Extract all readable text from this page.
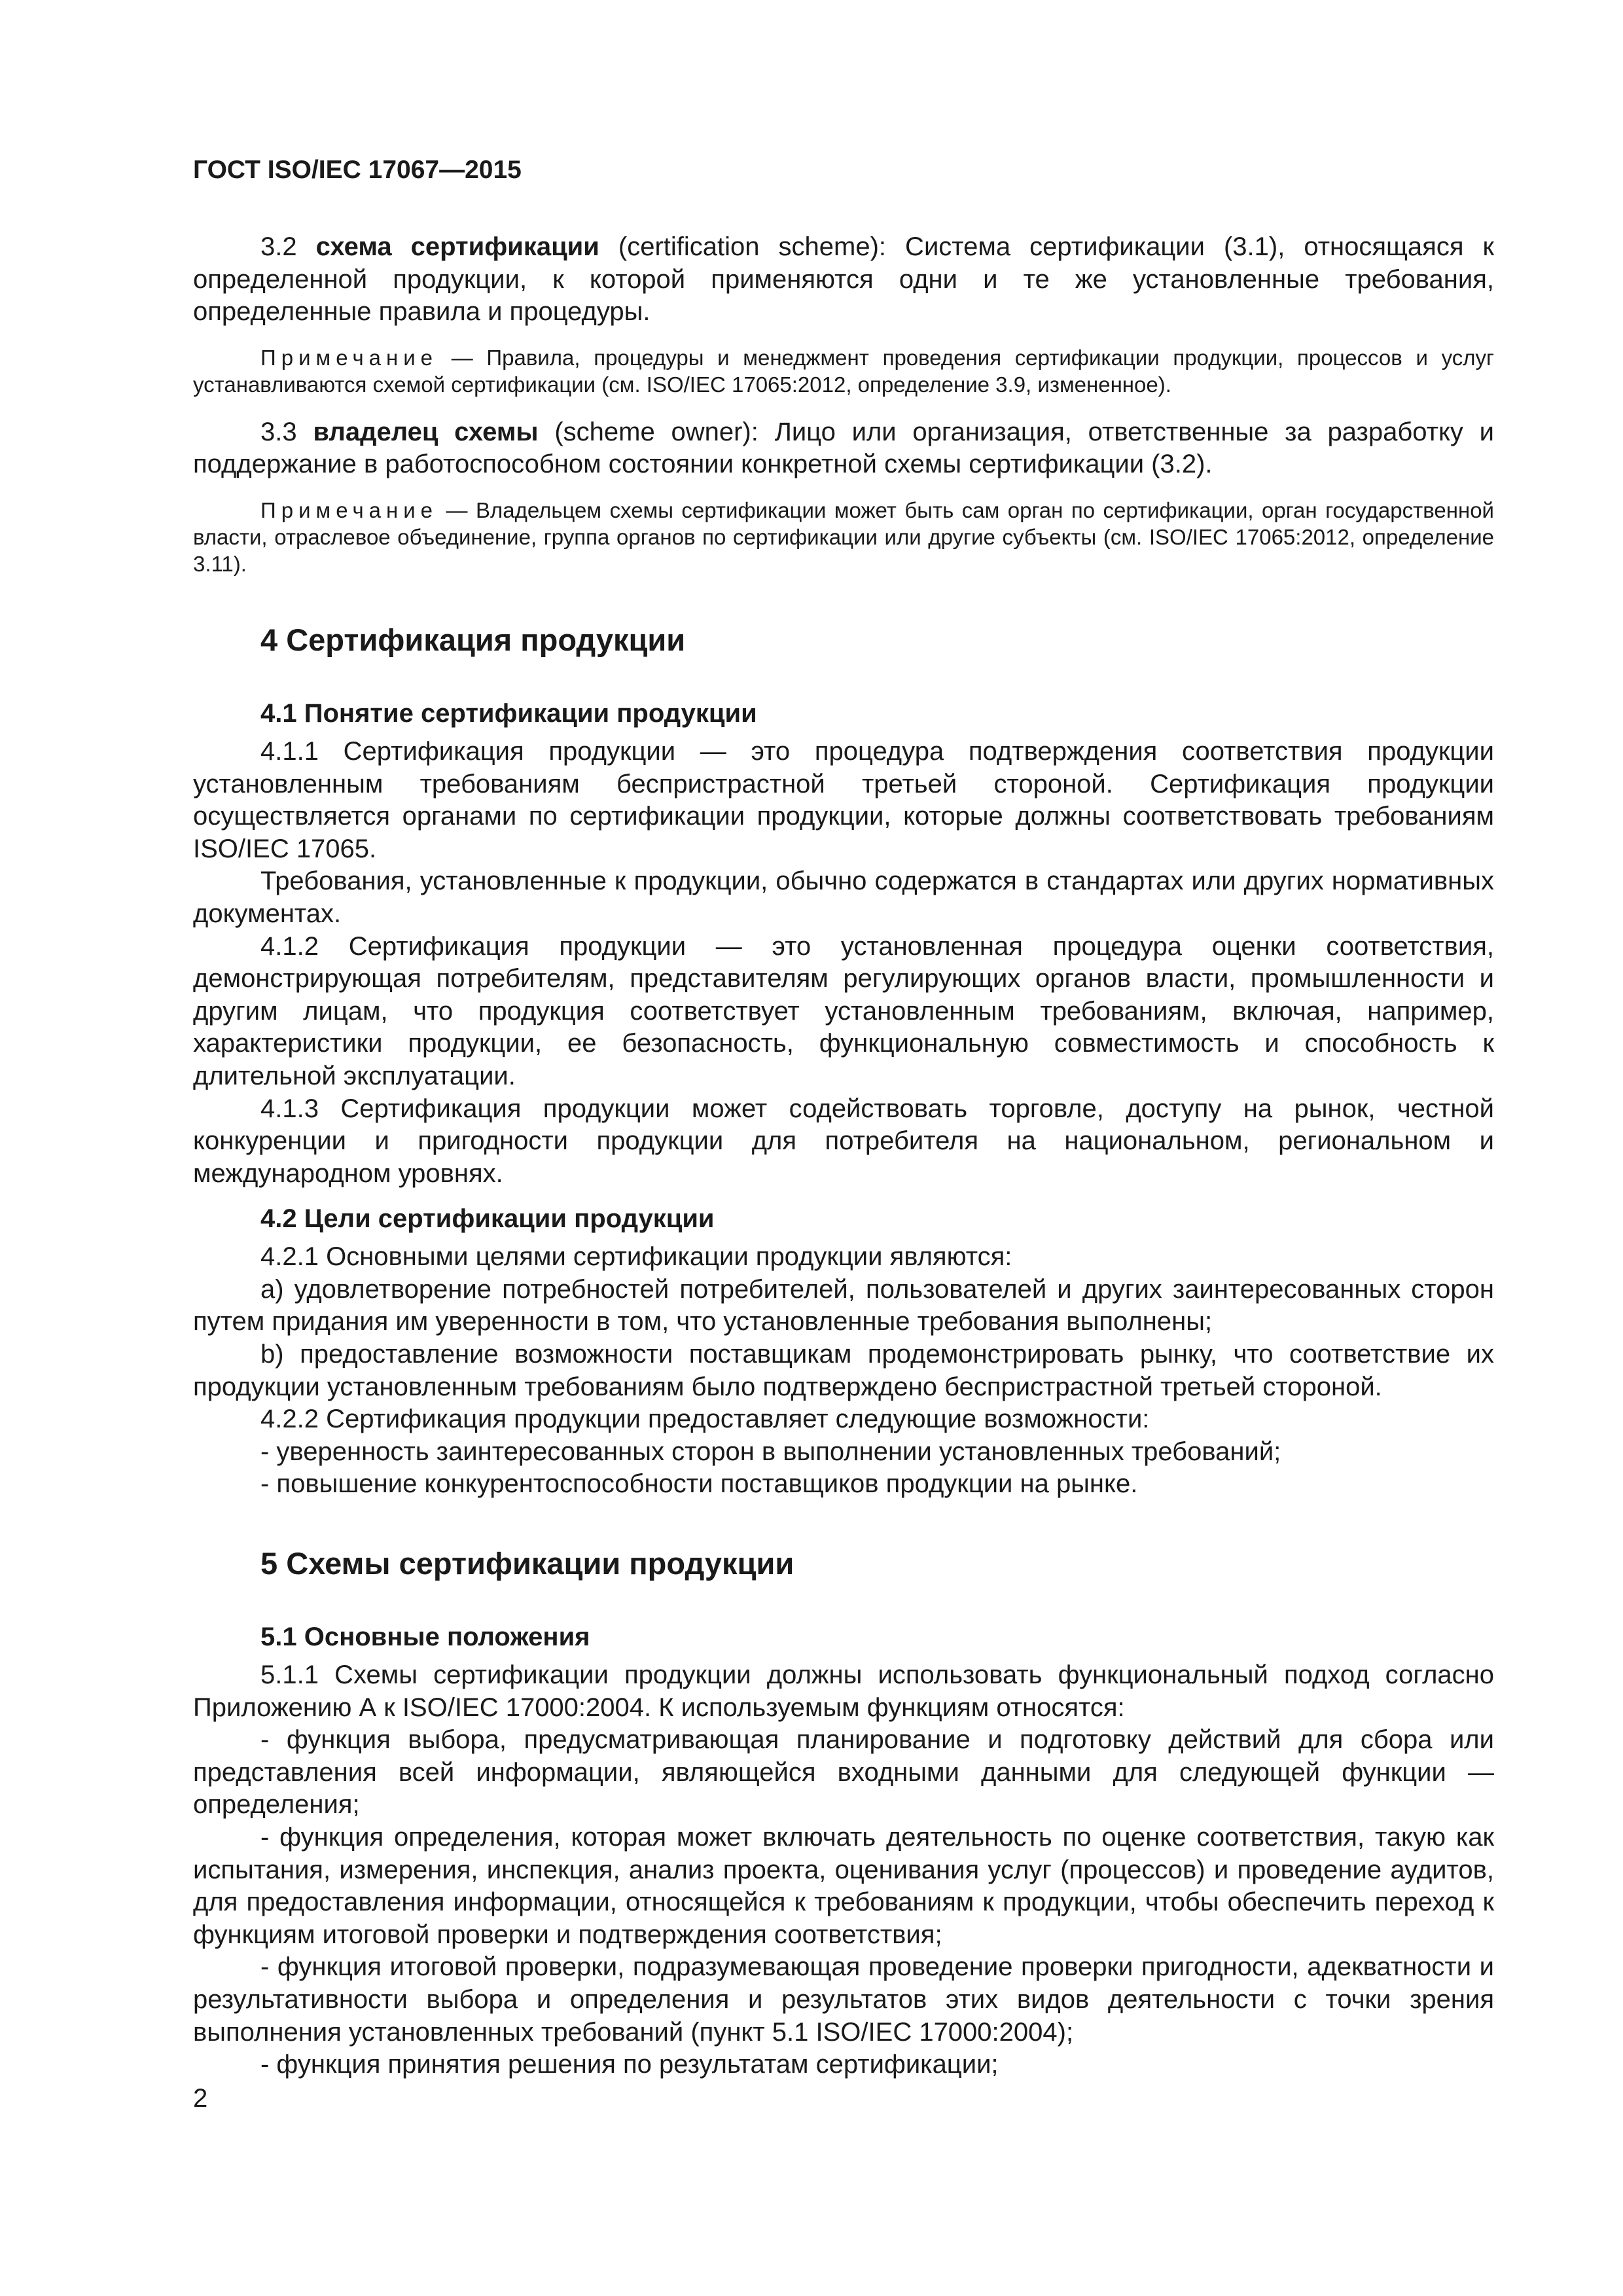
ГОСТ ISO/IEC 17067—2015

3.2 схема сертификации (certification scheme): Система сертификации (3.1), относящаяся к определенной продукции, к которой применяются одни и те же установленные требования, определенные правила и процедуры.

Примечание — Правила, процедуры и менеджмент проведения сертификации продукции, процессов и услуг устанавливаются схемой сертификации (см. ISO/IEC 17065:2012, определение 3.9, измененное).

3.3 владелец схемы (scheme owner): Лицо или организация, ответственные за разработку и поддержание в работоспособном состоянии конкретной схемы сертификации (3.2).

Примечание — Владельцем схемы сертификации может быть сам орган по сертификации, орган государственной власти, отраслевое объединение, группа органов по сертификации или другие субъекты (см. ISO/IEC 17065:2012, определение 3.11).

4 Сертификация продукции
4.1 Понятие сертификации продукции

4.1.1 Сертификация продукции — это процедура подтверждения соответствия продукции установленным требованиям беспристрастной третьей стороной. Сертификация продукции осуществляется органами по сертификации продукции, которые должны соответствовать требованиям ISO/IEC 17065.

Требования, установленные к продукции, обычно содержатся в стандартах или других нормативных документах.

4.1.2 Сертификация продукции — это установленная процедура оценки соответствия, демонстрирующая потребителям, представителям регулирующих органов власти, промышленности и другим лицам, что продукция соответствует установленным требованиям, включая, например, характеристики продукции, ее безопасность, функциональную совместимость и способность к длительной эксплуатации.

4.1.3 Сертификация продукции может содействовать торговле, доступу на рынок, честной конкуренции и пригодности продукции для потребителя на национальном, региональном и международном уровнях.

4.2 Цели сертификации продукции

4.2.1 Основными целями сертификации продукции являются:

а) удовлетворение потребностей потребителей, пользователей и других заинтересованных сторон путем придания им уверенности в том, что установленные требования выполнены;

b) предоставление возможности поставщикам продемонстрировать рынку, что соответствие их продукции установленным требованиям было подтверждено беспристрастной третьей стороной.

4.2.2 Сертификация продукции предоставляет следующие возможности:

- уверенность заинтересованных сторон в выполнении установленных требований;

- повышение конкурентоспособности поставщиков продукции на рынке.

5 Схемы сертификации продукции
5.1 Основные положения

5.1.1 Схемы сертификации продукции должны использовать функциональный подход согласно Приложению А к ISO/IEC 17000:2004. К используемым функциям относятся:

- функция выбора, предусматривающая планирование и подготовку действий для сбора или представления всей информации, являющейся входными данными для следующей функции — определения;

- функция определения, которая может включать деятельность по оценке соответствия, такую как испытания, измерения, инспекция, анализ проекта, оценивания услуг (процессов) и проведение аудитов, для предоставления информации, относящейся к требованиям к продукции, чтобы обеспечить переход к функциям итоговой проверки и подтверждения соответствия;

- функция итоговой проверки, подразумевающая проведение проверки пригодности, адекватности и результативности выбора и определения и результатов этих видов деятельности с точки зрения выполнения установленных требований (пункт 5.1 ISO/IEC 17000:2004);

- функция принятия решения по результатам сертификации;

2
